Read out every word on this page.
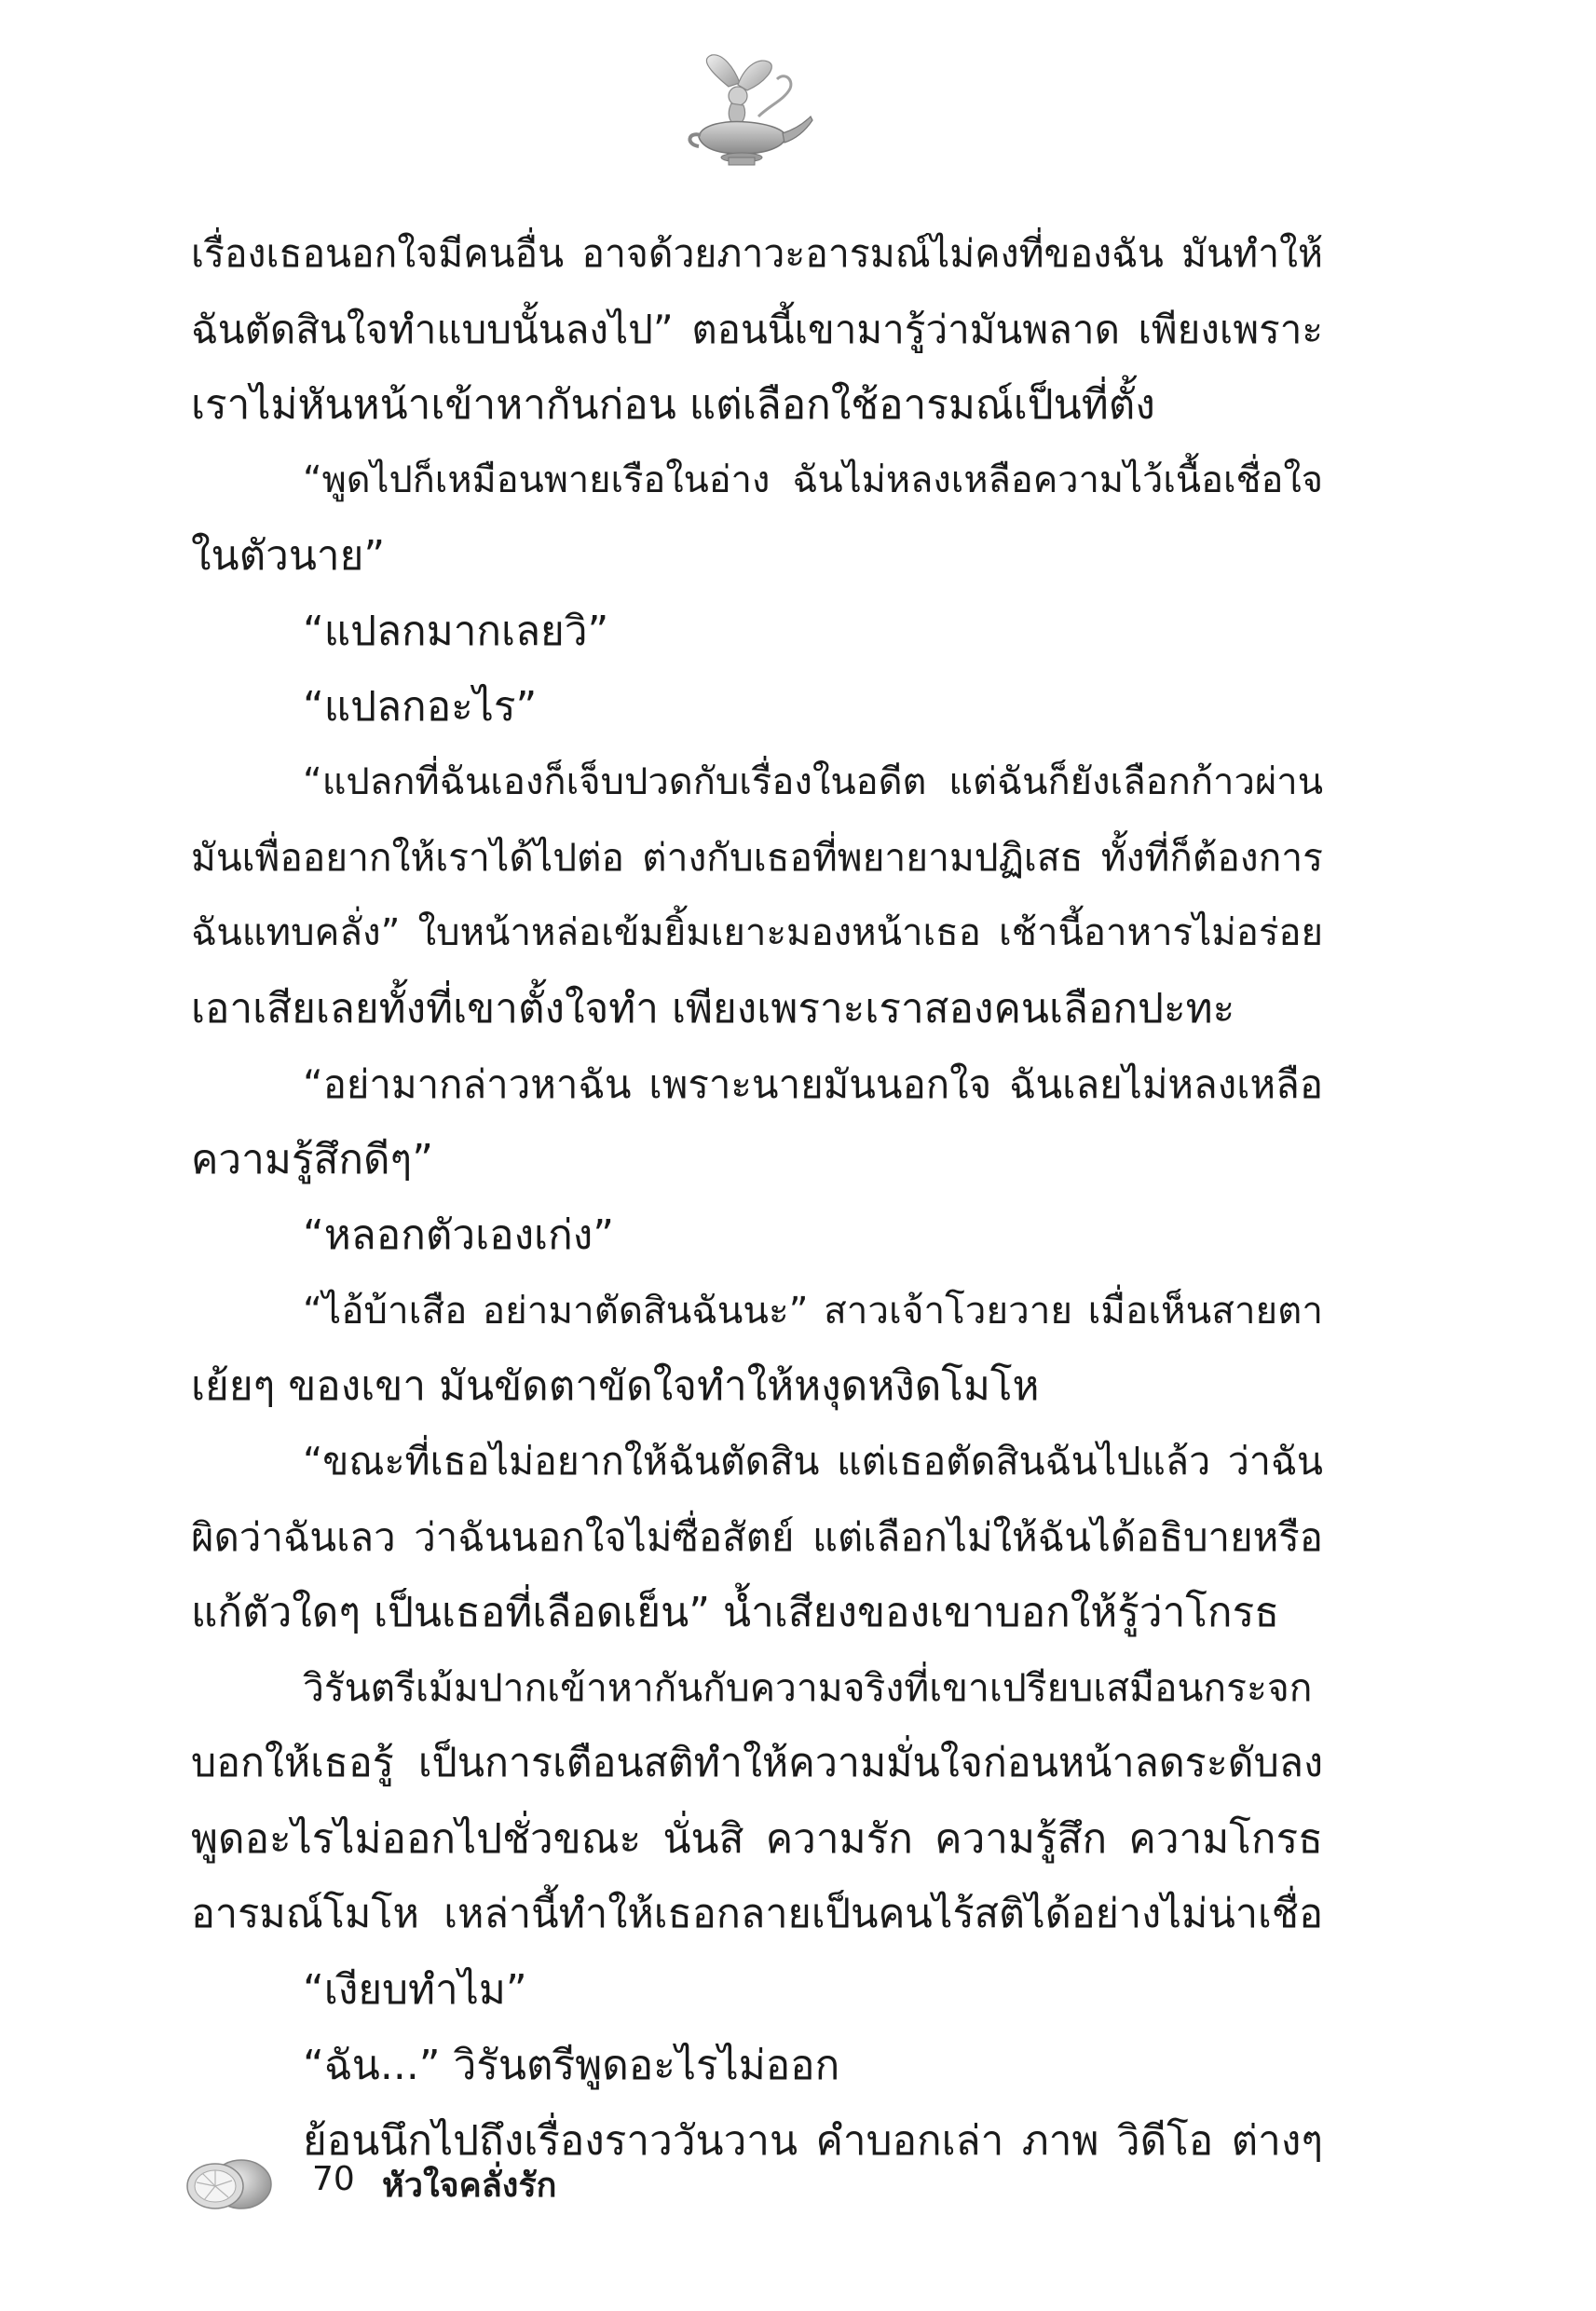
เรื่องเธอนอกใจมีคนอื่น อาจด้วยภาวะอารมณ์ไม่คงที่ของฉัน มันทำให้
ฉันตัดสินใจทำแบบนั้นลงไป” ตอนนี้เขามารู้ว่ามันพลาด เพียงเพราะ
เราไม่หันหน้าเข้าหากันก่อน แต่เลือกใช้อารมณ์เป็นที่ตั้ง
“พูดไปก็เหมือนพายเรือในอ่าง ฉันไม่หลงเหลือความไว้เนื้อเชื่อใจ
ในตัวนาย”
“แปลกมากเลยวิ”
“แปลกอะไร”
“แปลกที่ฉันเองก็เจ็บปวดกับเรื่องในอดีต แต่ฉันก็ยังเลือกก้าวผ่าน
มันเพื่ออยากให้เราได้ไปต่อ ต่างกับเธอที่พยายามปฏิเสธ ทั้งที่ก็ต้องการ
ฉันแทบคลั่ง” ใบหน้าหล่อเข้มยิ้มเยาะมองหน้าเธอ เช้านี้อาหารไม่อร่อย
เอาเสียเลยทั้งที่เขาตั้งใจทำ เพียงเพราะเราสองคนเลือกปะทะ
“อย่ามากล่าวหาฉัน เพราะนายมันนอกใจ ฉันเลยไม่หลงเหลือ
ความรู้สึกดีๆ”
“หลอกตัวเองเก่ง”
“ไอ้บ้าเสือ อย่ามาตัดสินฉันนะ” สาวเจ้าโวยวาย เมื่อเห็นสายตา
เย้ยๆ ของเขา มันขัดตาขัดใจทำให้หงุดหงิดโมโห
“ขณะที่เธอไม่อยากให้ฉันตัดสิน แต่เธอตัดสินฉันไปแล้ว ว่าฉัน
ผิดว่าฉันเลว ว่าฉันนอกใจไม่ซื่อสัตย์ แต่เลือกไม่ให้ฉันได้อธิบายหรือ
แก้ตัวใดๆ เป็นเธอที่เลือดเย็น” น้ำเสียงของเขาบอกให้รู้ว่าโกรธ
วิรันตรีเม้มปากเข้าหากันกับความจริงที่เขาเปรียบเสมือนกระจก
บอกให้เธอรู้ เป็นการเตือนสติทำให้ความมั่นใจก่อนหน้าลดระดับลง
พูดอะไรไม่ออกไปชั่วขณะ นั่นสิ ความรัก ความรู้สึก ความโกรธ
อารมณ์โมโห เหล่านี้ทำให้เธอกลายเป็นคนไร้สติได้อย่างไม่น่าเชื่อ
“เงียบทำไม”
“ฉัน...” วิรันตรีพูดอะไรไม่ออก
ย้อนนึกไปถึงเรื่องราววันวาน คำบอกเล่า ภาพ วิดีโอ ต่างๆ
70 หัวใจคลั่งรัก
